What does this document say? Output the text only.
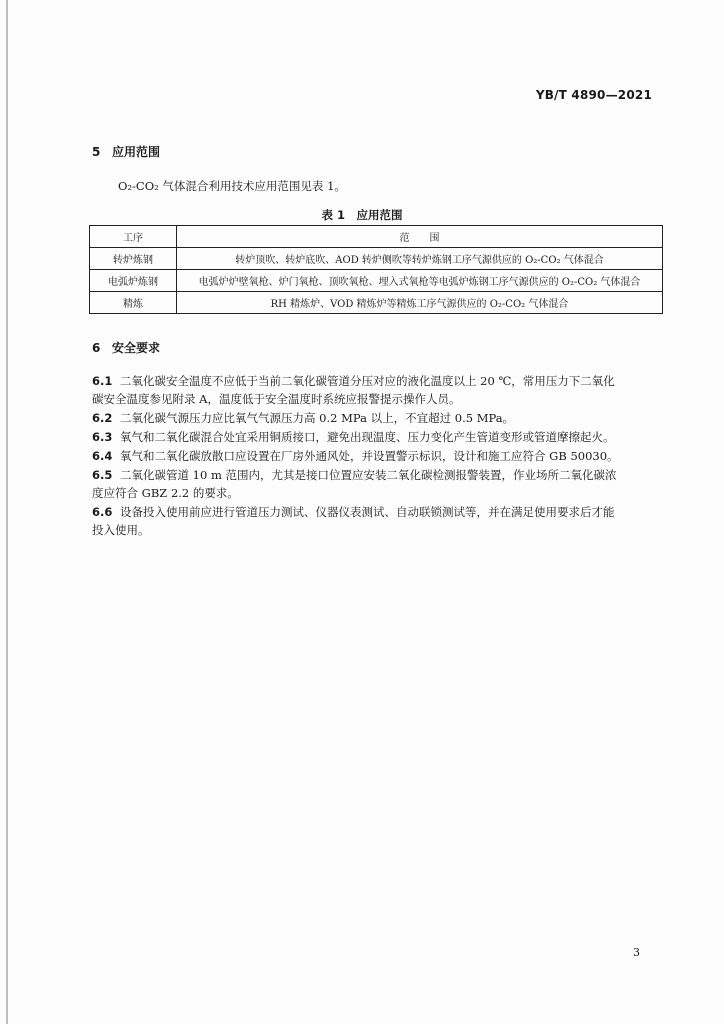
YB/T 4890—2021
5 应用范围
O₂-CO₂ 气体混合利用技术应用范围见表 1。
表 1　应用范围
工序	范　　围
转炉炼钢	转炉顶吹、转炉底吹、AOD 转炉侧吹等转炉炼钢工序气源供应的 O₂-CO₂ 气体混合
电弧炉炼钢	电弧炉炉壁氧枪、炉门氧枪、顶吹氧枪、埋入式氧枪等电弧炉炼钢工序气源供应的 O₂-CO₂ 气体混合
精炼	RH 精炼炉、VOD 精炼炉等精炼工序气源供应的 O₂-CO₂ 气体混合
6 安全要求
6.1 二氧化碳安全温度不应低于当前二氧化碳管道分压对应的液化温度以上 20 ℃，常用压力下二氧化
碳安全温度参见附录 A，温度低于安全温度时系统应报警提示操作人员。
6.2 二氧化碳气源压力应比氧气气源压力高 0.2 MPa 以上，不宜超过 0.5 MPa。
6.3 氧气和二氧化碳混合处宜采用铜质接口，避免出现温度、压力变化产生管道变形或管道摩擦起火。
6.4 氧气和二氧化碳放散口应设置在厂房外通风处，并设置警示标识，设计和施工应符合 GB 50030。
6.5 二氧化碳管道 10 m 范围内，尤其是接口位置应安装二氧化碳检测报警装置，作业场所二氧化碳浓
度应符合 GBZ 2.2 的要求。
6.6 设备投入使用前应进行管道压力测试、仪器仪表测试、自动联锁测试等，并在满足使用要求后才能
投入使用。
3
